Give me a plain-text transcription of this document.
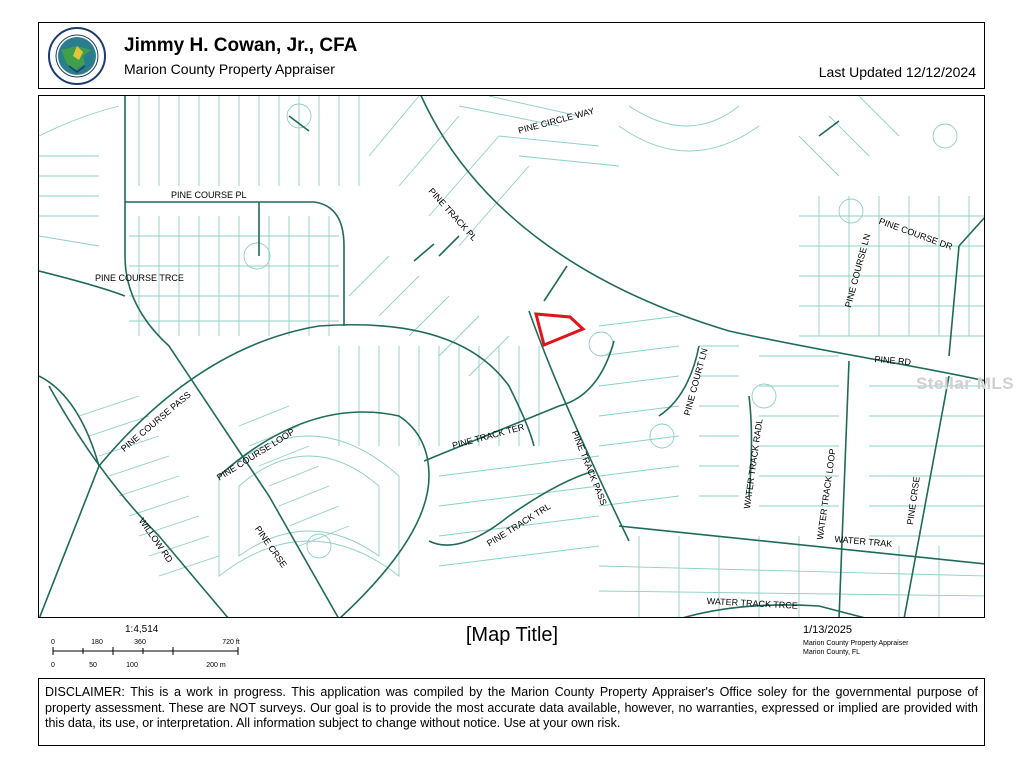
Jimmy H. Cowan, Jr., CFA
Marion County Property Appraiser	Last Updated 12/12/2024
PINE CIRCLE WAY
PINE COURSE PL	PINE TRACK PL	PINE COURSE DR
PINE COURSE LN
PINE COURSE TRCE
PINE RD
PINE COURT LN
PINE COURSE PASS	PINE TRACK TER
PINE COURSE LOOP	PINE TRACK PASS	WATER TRACK RADL	WATER TRACK LOOP	PINE CRSE
PINE TRACK TRL
WILLOW RD	PINE CRSE	WATER TRAK
WATER TRACK TRCE
Stellar MLS
1:4,514
0	180	360	720 ft
0	50	100	200 m
[Map Title]	1/13/2025
Marion County Property Appraiser
Marion County, FL
DISCLAIMER: This is a work in progress. This application was compiled by the Marion County Property Appraiser's Office soley for the governmental purpose of property assessment. These are NOT surveys. Our goal is to provide the most accurate data available, however, no warranties, expressed or implied are provided with this data, its use, or interpretation. All information subject to change without notice. Use at your own risk.
